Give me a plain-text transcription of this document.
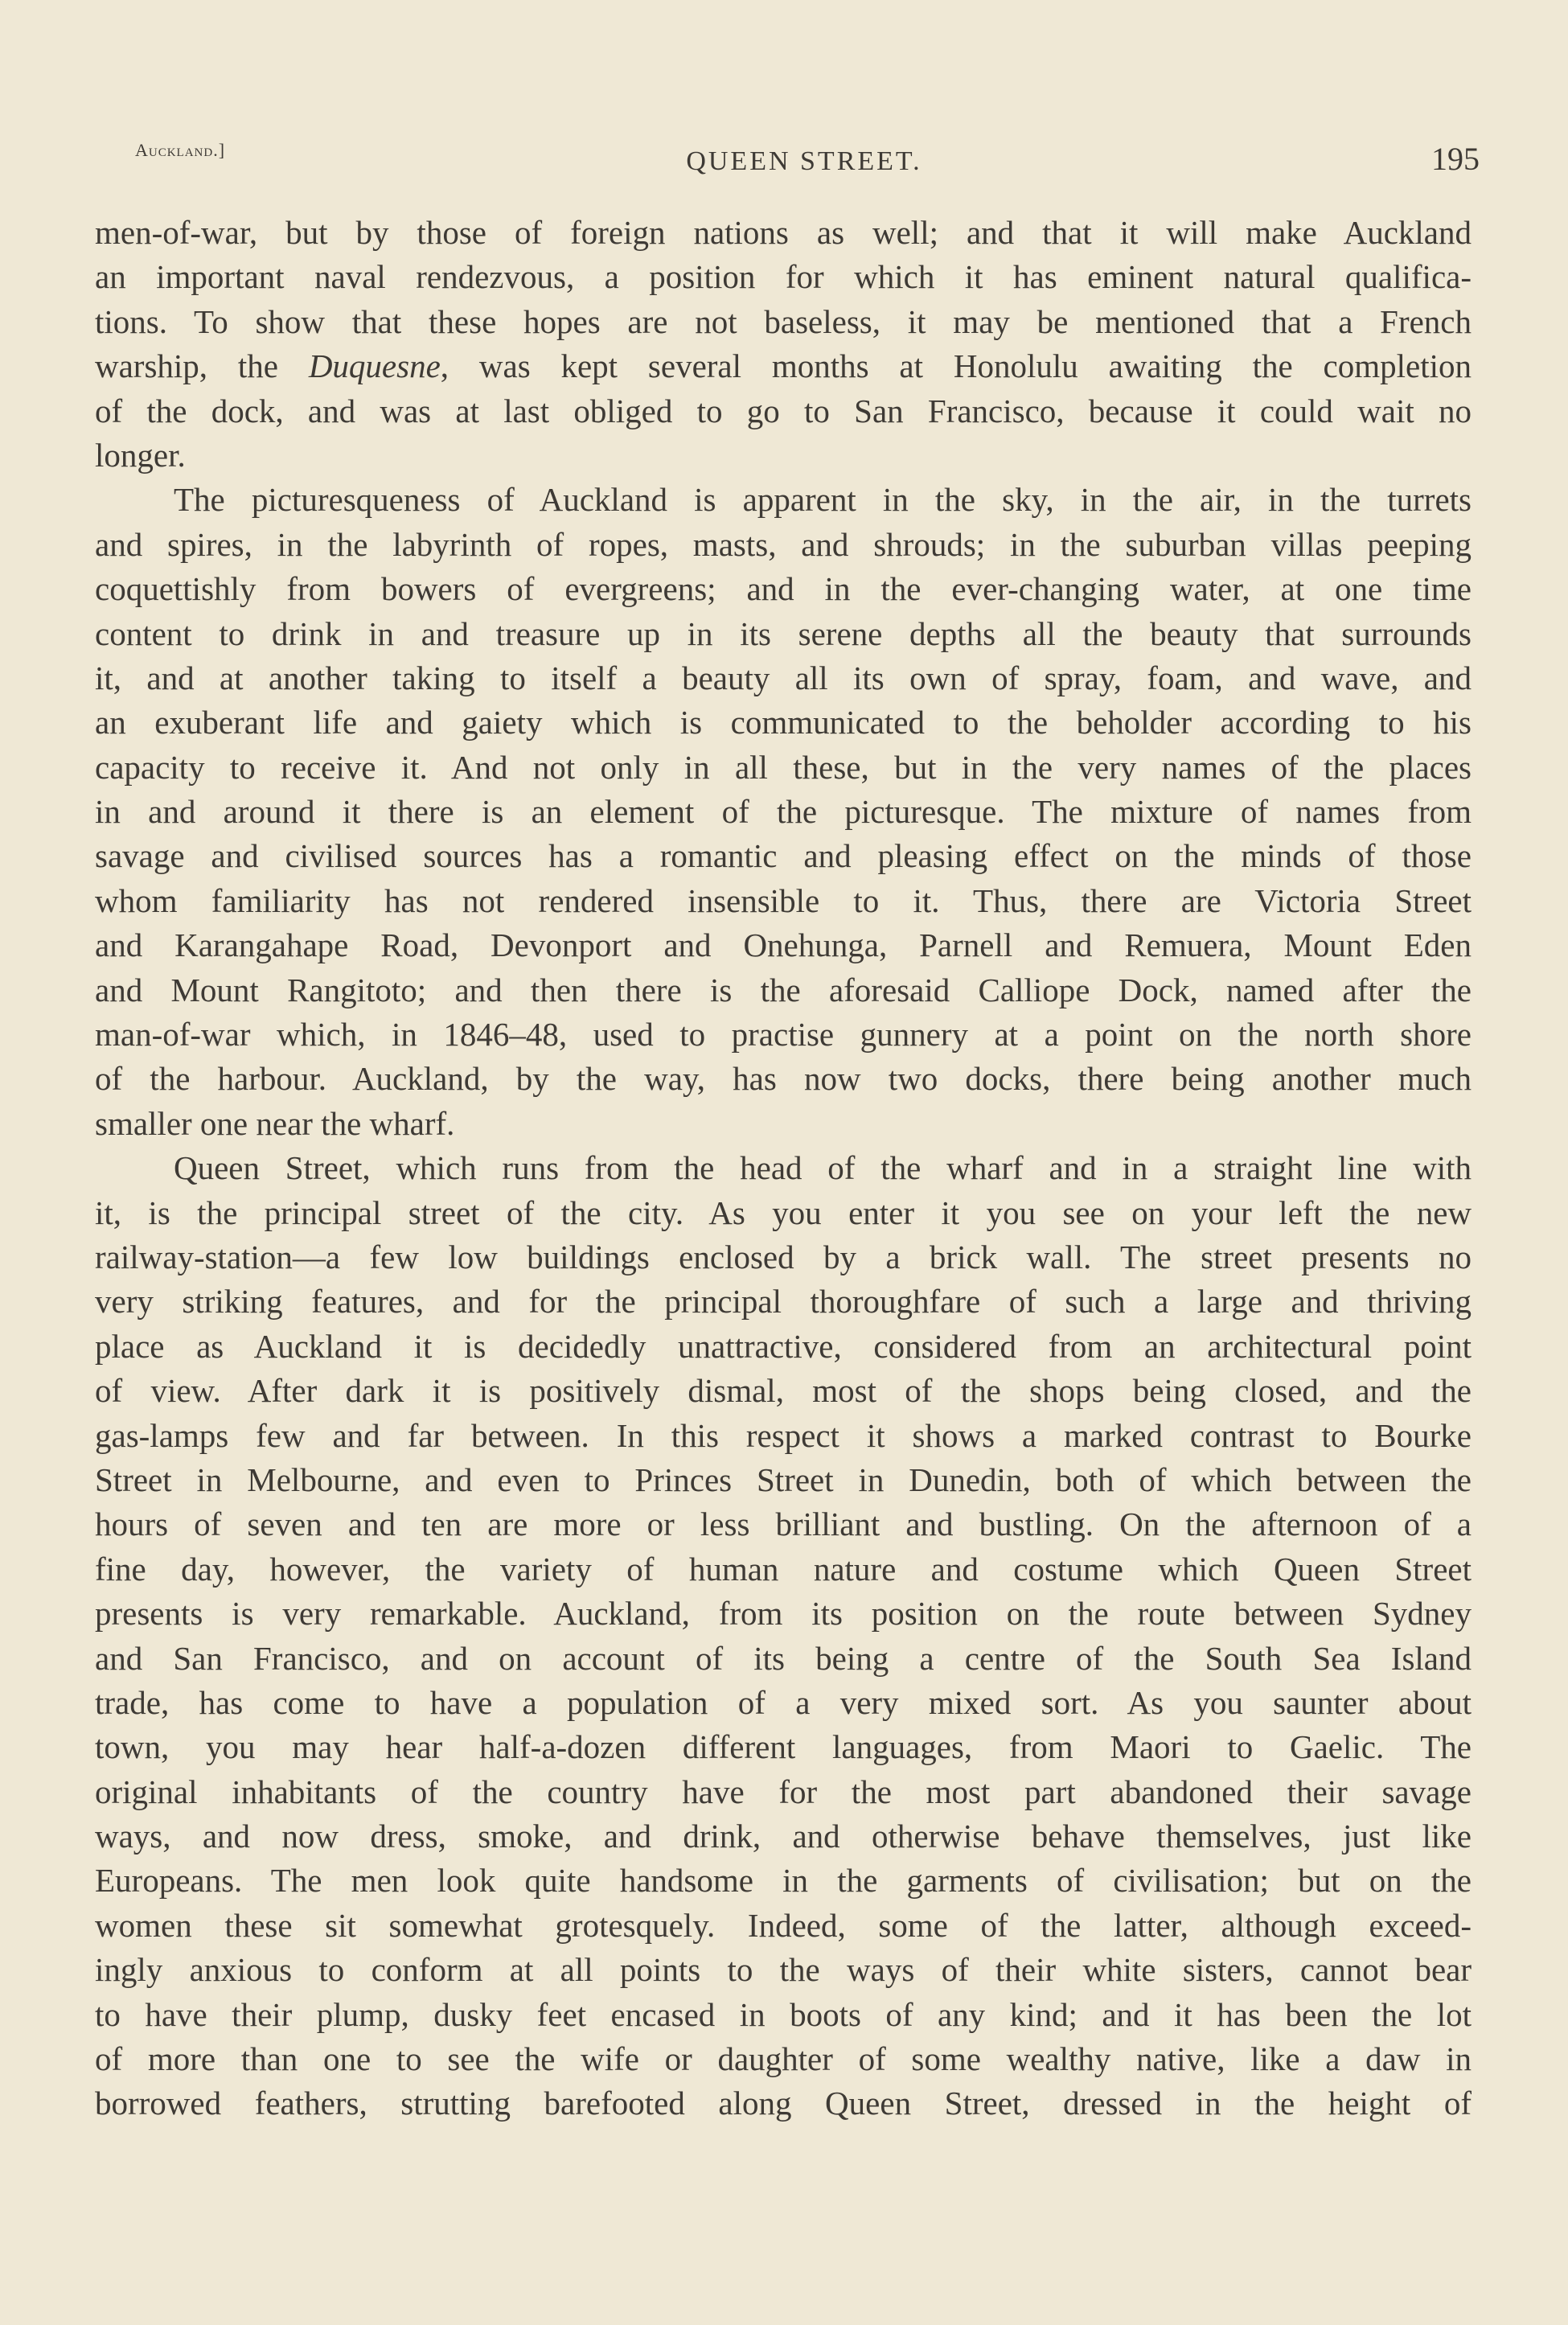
Auckland.]	QUEEN STREET.	195
men-of-war, but by those of foreign nations as well; and that it will make Auckland
an important naval rendezvous, a position for which it has eminent natural qualifica-
tions. To show that these hopes are not baseless, it may be mentioned that a French
warship, the Duquesne, was kept several months at Honolulu awaiting the completion
of the dock, and was at last obliged to go to San Francisco, because it could wait no
longer.
The picturesqueness of Auckland is apparent in the sky, in the air, in the turrets
and spires, in the labyrinth of ropes, masts, and shrouds; in the suburban villas peeping
coquettishly from bowers of evergreens; and in the ever-changing water, at one time
content to drink in and treasure up in its serene depths all the beauty that surrounds
it, and at another taking to itself a beauty all its own of spray, foam, and wave, and
an exuberant life and gaiety which is communicated to the beholder according to his
capacity to receive it. And not only in all these, but in the very names of the places
in and around it there is an element of the picturesque. The mixture of names from
savage and civilised sources has a romantic and pleasing effect on the minds of those
whom familiarity has not rendered insensible to it. Thus, there are Victoria Street
and Karangahape Road, Devonport and Onehunga, Parnell and Remuera, Mount Eden
and Mount Rangitoto; and then there is the aforesaid Calliope Dock, named after the
man-of-war which, in 1846–48, used to practise gunnery at a point on the north shore
of the harbour. Auckland, by the way, has now two docks, there being another much
smaller one near the wharf.
Queen Street, which runs from the head of the wharf and in a straight line with
it, is the principal street of the city. As you enter it you see on your left the new
railway-station—a few low buildings enclosed by a brick wall. The street presents no
very striking features, and for the principal thoroughfare of such a large and thriving
place as Auckland it is decidedly unattractive, considered from an architectural point
of view. After dark it is positively dismal, most of the shops being closed, and the
gas-lamps few and far between. In this respect it shows a marked contrast to Bourke
Street in Melbourne, and even to Princes Street in Dunedin, both of which between the
hours of seven and ten are more or less brilliant and bustling. On the afternoon of a
fine day, however, the variety of human nature and costume which Queen Street
presents is very remarkable. Auckland, from its position on the route between Sydney
and San Francisco, and on account of its being a centre of the South Sea Island
trade, has come to have a population of a very mixed sort. As you saunter about
town, you may hear half-a-dozen different languages, from Maori to Gaelic. The
original inhabitants of the country have for the most part abandoned their savage
ways, and now dress, smoke, and drink, and otherwise behave themselves, just like
Europeans. The men look quite handsome in the garments of civilisation; but on the
women these sit somewhat grotesquely. Indeed, some of the latter, although exceed-
ingly anxious to conform at all points to the ways of their white sisters, cannot bear
to have their plump, dusky feet encased in boots of any kind; and it has been the lot
of more than one to see the wife or daughter of some wealthy native, like a daw in
borrowed feathers, strutting barefooted along Queen Street, dressed in the height of
